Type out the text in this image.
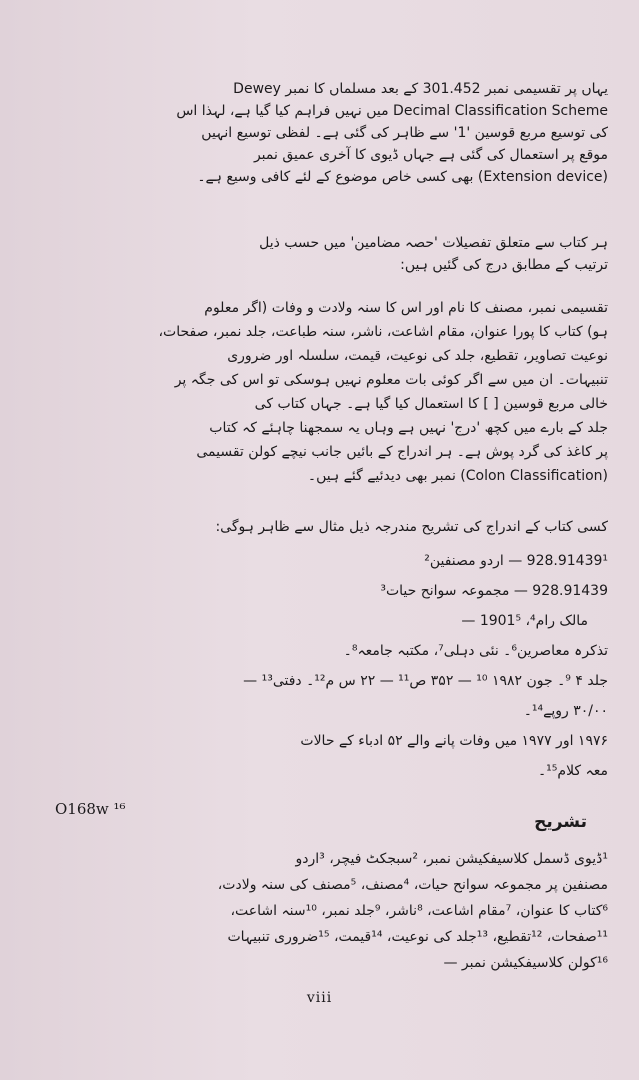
یہاں پر تقسیمی نمبر 301.452 کے بعد مسلماں کا نمبر Dewey
Decimal Classification Scheme میں نہیں فراہم کیا گیا ہے، لہذا اس
کی توسیع مربع قوسین '1' سے ظاہر کی گئی ہے۔ لفظی توسیع انہیں
موقع پر استعمال کی گئی ہے جہاں ڈیوی کا آخری عمیق نمبر
(Extension device) بھی کسی خاص موضوع کے لئے کافی وسیع ہے۔
ہر کتاب سے متعلق تفصیلات 'حصہ مضامین' میں حسب ذیل
ترتیب کے مطابق درج کی گئیں ہیں:
تقسیمی نمبر، مصنف کا نام اور اس کا سنہ ولادت و وفات (اگر معلوم
ہو) کتاب کا پورا عنوان، مقام اشاعت، ناشر، سنہ طباعت، جلد نمبر، صفحات،
نوعیت تصاویر، تقطیع، جلد کی نوعیت، قیمت، سلسلہ اور ضروری
تنبیہات۔ ان میں سے اگر کوئی بات معلوم نہیں ہوسکی تو اس کی جگہ پر
خالی مربع قوسین [ ] کا استعمال کیا گیا ہے۔ جہاں کتاب کی
جلد کے بارے میں کچھ 'درج' نہیں ہے وہاں یہ سمجھنا چاہئے کہ کتاب
پر کاغذ کی گرد پوش ہے۔ ہر اندراج کے بائیں جانب نیچے کولن تقسیمی
(Colon Classification) نمبر بھی دیدئیے گئے ہیں۔
کسی کتاب کے اندراج کی تشریح مندرجہ ذیل مثال سے ظاہر ہوگی:
928.91439¹ — اردو مصنفین²
928.91439 — مجموعہ سوانح حیات³
مالک رام⁴، 1901⁵ —
تذکرہ معاصرین⁶۔ نئی دہلی⁷، مکتبہ جامعہ⁸۔
جلد ۴ ⁹۔ جون ۱۹۸۲ ¹⁰ — ۳۵۲ ص¹¹ — ۲۲ س م¹²۔ دفتی¹³ —
۳۰/۰۰ روپے¹⁴۔
۱۹۷۶ اور ۱۹۷۷ میں وفات پانے والے ۵۲ ادباء کے حالات
معہ کلام¹⁵۔
O168w ¹⁶
تشریح
¹ڈیوی ڈسمل کلاسیفکیشن نمبر، ²سبجکٹ فیچر، ³اردو
مصنفین پر مجموعہ سوانح حیات، ⁴مصنف، ⁵مصنف کی سنہ ولادت،
⁶کتاب کا عنوان، ⁷مقام اشاعت، ⁸ناشر، ⁹جلد نمبر، ¹⁰سنہ اشاعت،
¹¹صفحات، ¹²تقطیع، ¹³جلد کی نوعیت، ¹⁴قیمت، ¹⁵ضروری تنبیہات
¹⁶کولن کلاسیفکیشن نمبر —
viii
